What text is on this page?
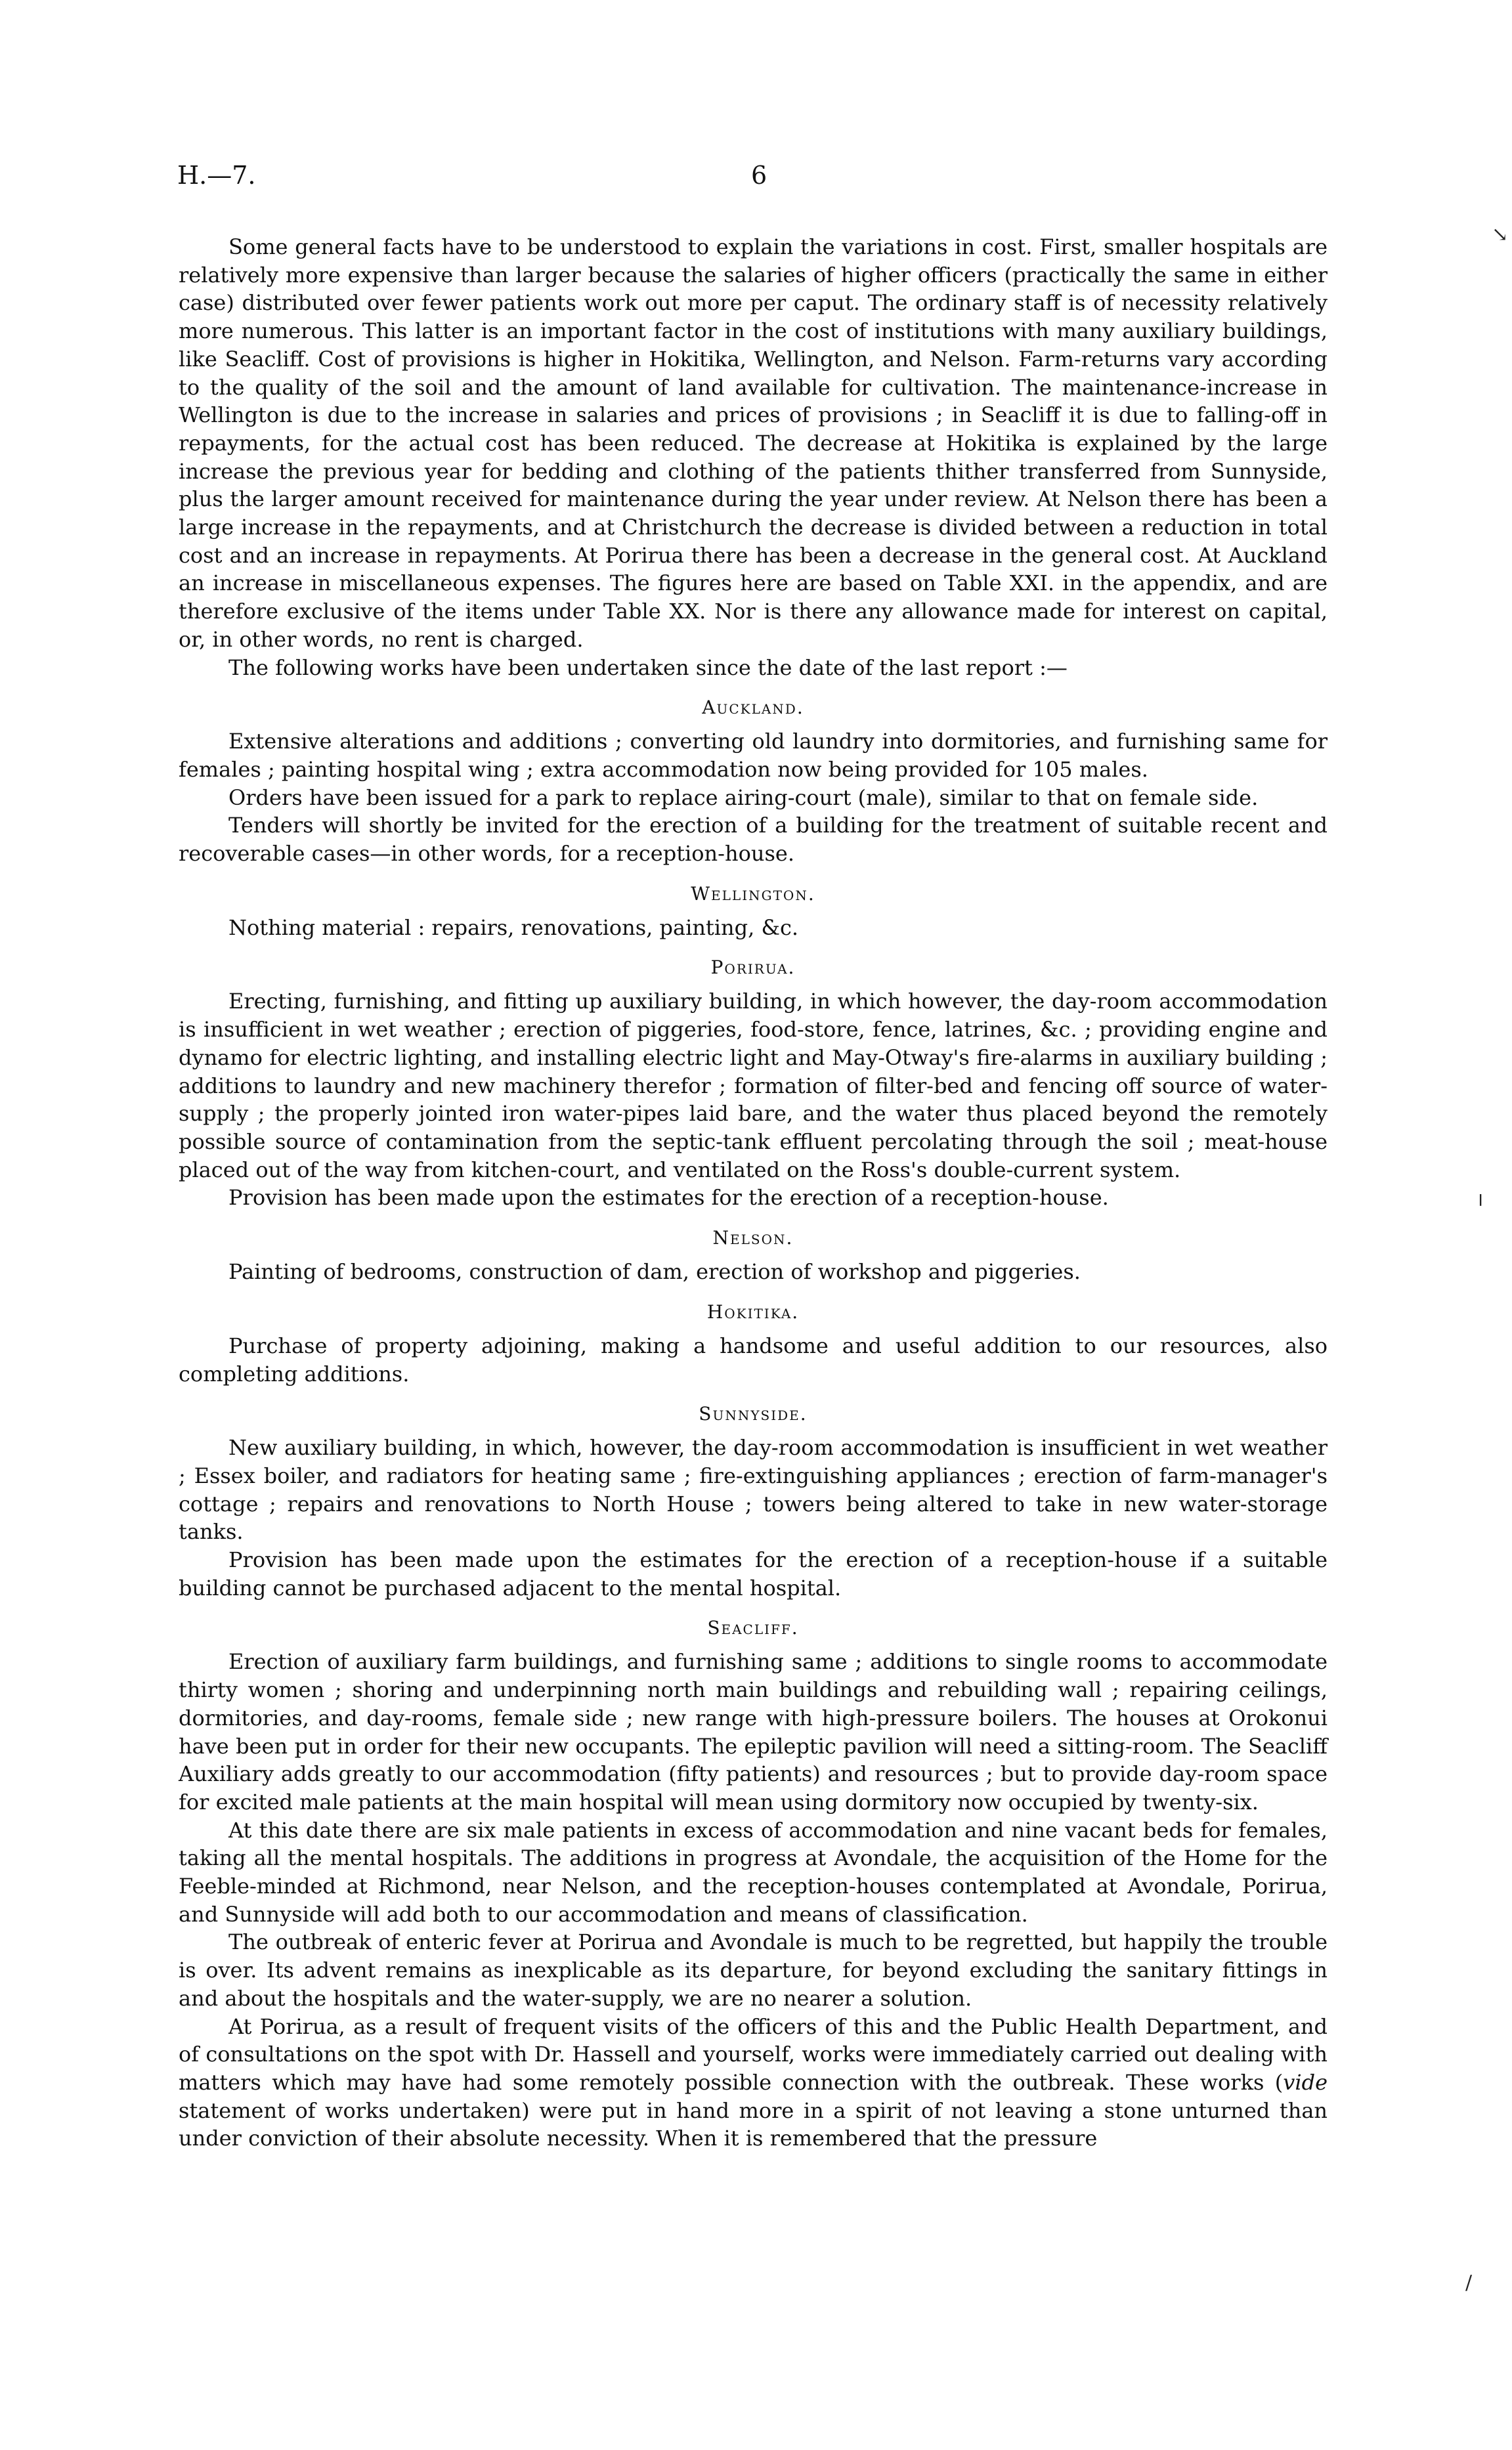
H.—7.	6

Some general facts have to be understood to explain the variations in cost. First, smaller hospitals are relatively more expensive than larger because the salaries of higher officers (practically the same in either case) distributed over fewer patients work out more per caput. The ordinary staff is of necessity relatively more numerous. This latter is an important factor in the cost of institutions with many auxiliary buildings, like Seacliff. Cost of provisions is higher in Hokitika, Wellington, and Nelson. Farm-returns vary according to the quality of the soil and the amount of land available for cultivation. The maintenance-increase in Wellington is due to the increase in salaries and prices of provisions ; in Seacliff it is due to falling-off in repayments, for the actual cost has been reduced. The decrease at Hokitika is explained by the large increase the previous year for bedding and clothing of the patients thither transferred from Sunnyside, plus the larger amount received for maintenance during the year under review. At Nelson there has been a large increase in the repayments, and at Christchurch the decrease is divided between a reduction in total cost and an increase in repayments. At Porirua there has been a decrease in the general cost. At Auckland an increase in miscellaneous expenses. The figures here are based on Table XXI. in the appendix, and are therefore exclusive of the items under Table XX. Nor is there any allowance made for interest on capital, or, in other words, no rent is charged.

The following works have been undertaken since the date of the last report :—

Auckland.

Extensive alterations and additions ; converting old laundry into dormitories, and furnishing same for females ; painting hospital wing ; extra accommodation now being provided for 105 males.

Orders have been issued for a park to replace airing-court (male), similar to that on female side.

Tenders will shortly be invited for the erection of a building for the treatment of suitable recent and recoverable cases—in other words, for a reception-house.

Wellington.

Nothing material : repairs, renovations, painting, &c.

Porirua.

Erecting, furnishing, and fitting up auxiliary building, in which however, the day-room accommodation is insufficient in wet weather ; erection of piggeries, food-store, fence, latrines, &c. ; providing engine and dynamo for electric lighting, and installing electric light and May-Otway's fire-alarms in auxiliary building ; additions to laundry and new machinery therefor ; formation of filter-bed and fencing off source of water-supply ; the properly jointed iron water-pipes laid bare, and the water thus placed beyond the remotely possible source of contamination from the septic-tank effluent percolating through the soil ; meat-house placed out of the way from kitchen-court, and ventilated on the Ross's double-current system.

Provision has been made upon the estimates for the erection of a reception-house.

Nelson.

Painting of bedrooms, construction of dam, erection of workshop and piggeries.

Hokitika.

Purchase of property adjoining, making a handsome and useful addition to our resources, also completing additions.

Sunnyside.

New auxiliary building, in which, however, the day-room accommodation is insufficient in wet weather ; Essex boiler, and radiators for heating same ; fire-extinguishing appliances ; erection of farm-manager's cottage ; repairs and renovations to North House ; towers being altered to take in new water-storage tanks.

Provision has been made upon the estimates for the erection of a reception-house if a suitable building cannot be purchased adjacent to the mental hospital.

Seacliff.

Erection of auxiliary farm buildings, and furnishing same ; additions to single rooms to accommodate thirty women ; shoring and underpinning north main buildings and rebuilding wall ; repairing ceilings, dormitories, and day-rooms, female side ; new range with high-pressure boilers. The houses at Orokonui have been put in order for their new occupants. The epileptic pavilion will need a sitting-room. The Seacliff Auxiliary adds greatly to our accommodation (fifty patients) and resources ; but to provide day-room space for excited male patients at the main hospital will mean using dormitory now occupied by twenty-six.

At this date there are six male patients in excess of accommodation and nine vacant beds for females, taking all the mental hospitals. The additions in progress at Avondale, the acquisition of the Home for the Feeble-minded at Richmond, near Nelson, and the reception-houses contemplated at Avondale, Porirua, and Sunnyside will add both to our accommodation and means of classification.

The outbreak of enteric fever at Porirua and Avondale is much to be regretted, but happily the trouble is over. Its advent remains as inexplicable as its departure, for beyond excluding the sanitary fittings in and about the hospitals and the water-supply, we are no nearer a solution.

At Porirua, as a result of frequent visits of the officers of this and the Public Health Department, and of consultations on the spot with Dr. Hassell and yourself, works were immediately carried out dealing with matters which may have had some remotely possible connection with the outbreak. These works (vide statement of works undertaken) were put in hand more in a spirit of not leaving a stone unturned than under conviction of their absolute necessity. When it is remembered that the pressure

↘
╵
∕
